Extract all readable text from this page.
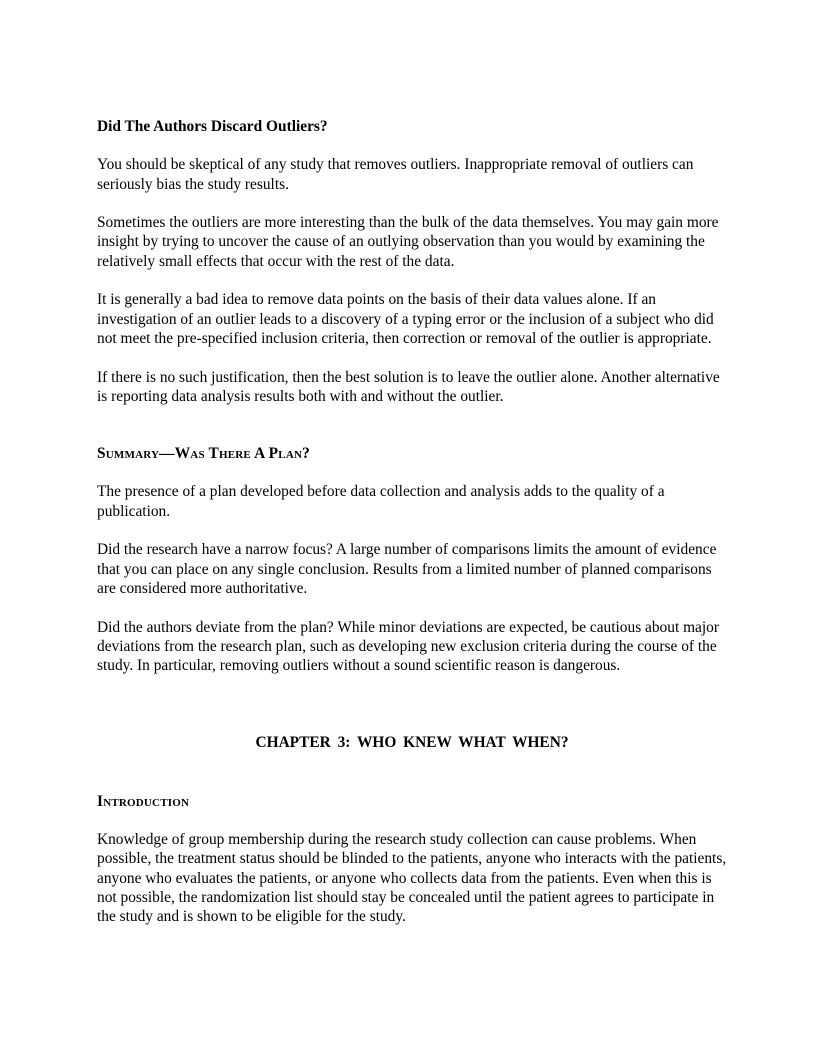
Did The Authors Discard Outliers?

You should be skeptical of any study that removes outliers. Inappropriate removal of outliers can seriously bias the study results.

Sometimes the outliers are more interesting than the bulk of the data themselves. You may gain more insight by trying to uncover the cause of an outlying observation than you would by examining the relatively small effects that occur with the rest of the data.

It is generally a bad idea to remove data points on the basis of their data values alone. If an investigation of an outlier leads to a discovery of a typing error or the inclusion of a subject who did not meet the pre-specified inclusion criteria, then correction or removal of the outlier is appropriate.

If there is no such justification, then the best solution is to leave the outlier alone. Another alternative is reporting data analysis results both with and without the outlier.

Summary—Was There A Plan?

The presence of a plan developed before data collection and analysis adds to the quality of a publication.

Did the research have a narrow focus? A large number of comparisons limits the amount of evidence that you can place on any single conclusion. Results from a limited number of planned comparisons are considered more authoritative.

Did the authors deviate from the plan? While minor deviations are expected, be cautious about major deviations from the research plan, such as developing new exclusion criteria during the course of the study. In particular, removing outliers without a sound scientific reason is dangerous.

CHAPTER 3: WHO KNEW WHAT WHEN?

Introduction

Knowledge of group membership during the research study collection can cause problems. When possible, the treatment status should be blinded to the patients, anyone who interacts with the patients, anyone who evaluates the patients, or anyone who collects data from the patients. Even when this is not possible, the randomization list should stay be concealed until the patient agrees to participate in the study and is shown to be eligible for the study.
